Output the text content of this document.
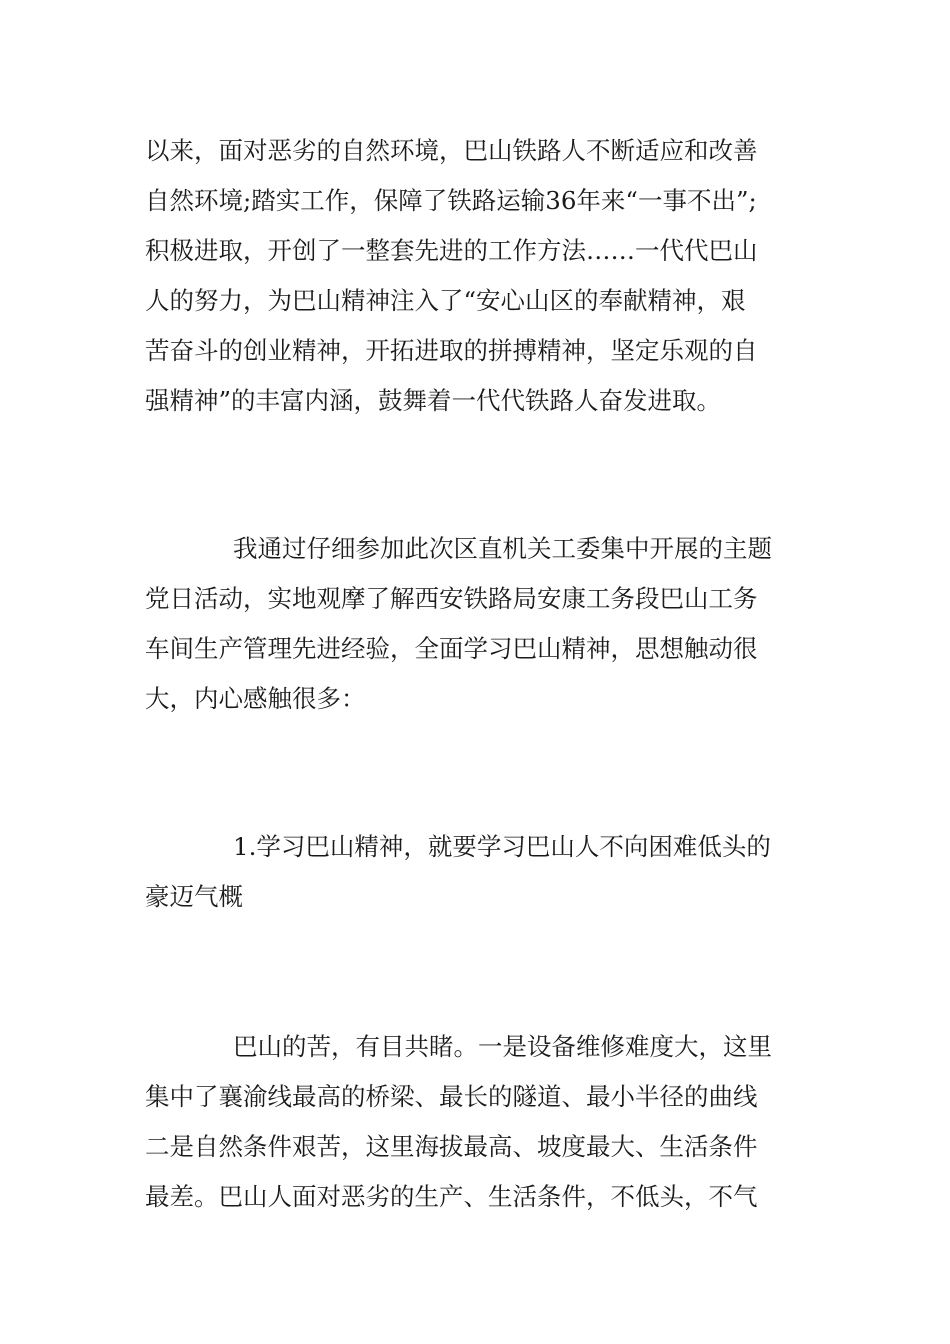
以来，面对恶劣的自然环境，巴山铁路人不断适应和改善
自然环境;踏实工作，保障了铁路运输36年来“一事不出”;
积极进取，开创了一整套先进的工作方法……一代代巴山
人的努力，为巴山精神注入了“安心山区的奉献精神，艰
苦奋斗的创业精神，开拓进取的拼搏精神，坚定乐观的自
强精神”的丰富内涵，鼓舞着一代代铁路人奋发进取。
我通过仔细参加此次区直机关工委集中开展的主题
党日活动，实地观摩了解西安铁路局安康工务段巴山工务
车间生产管理先进经验，全面学习巴山精神，思想触动很
大，内心感触很多：
1.学习巴山精神，就要学习巴山人不向困难低头的
豪迈气概
巴山的苦，有目共睹。一是设备维修难度大，这里
集中了襄渝线最高的桥梁、最长的隧道、最小半径的曲线
二是自然条件艰苦，这里海拔最高、坡度最大、生活条件
最差。巴山人面对恶劣的生产、生活条件，不低头，不气
